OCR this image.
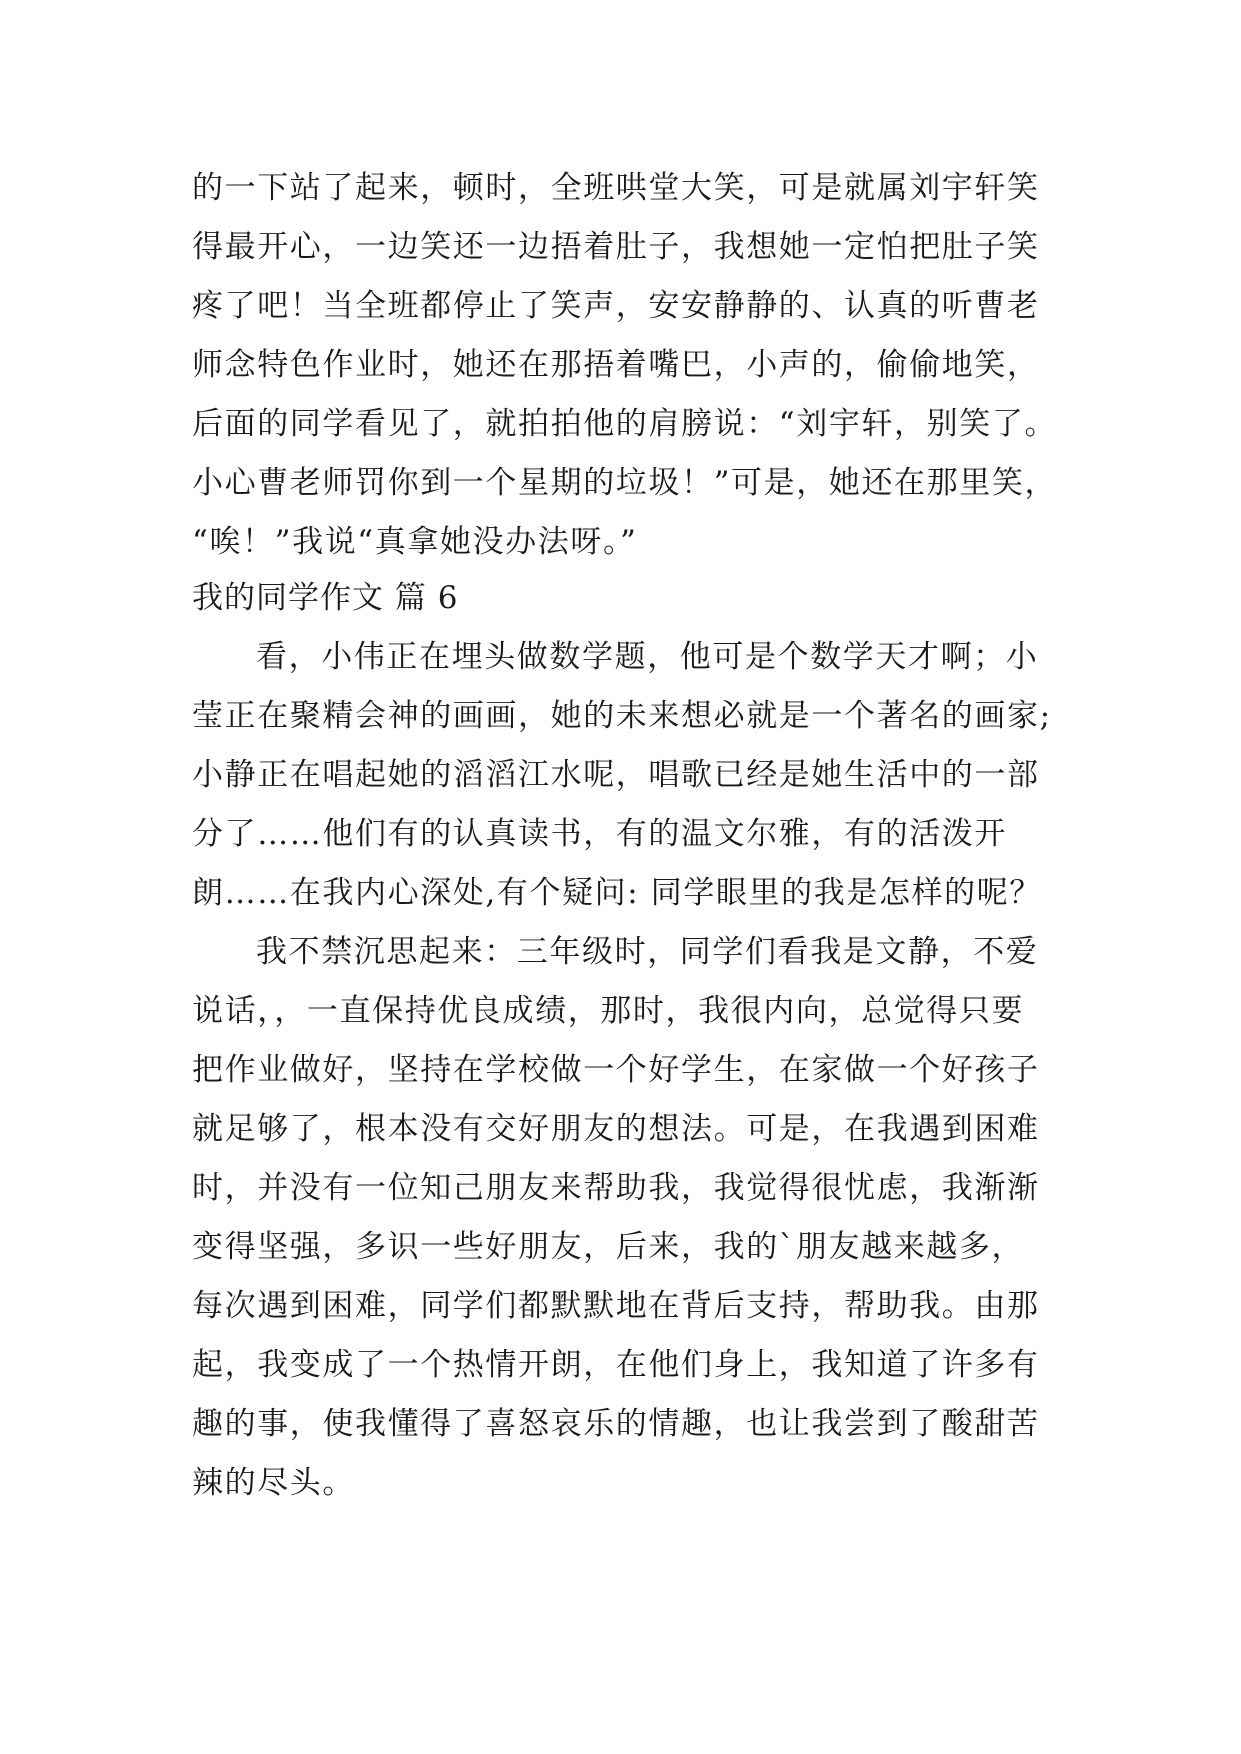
的一下站了起来，顿时，全班哄堂大笑，可是就属刘宇轩笑

得最开心，一边笑还一边捂着肚子，我想她一定怕把肚子笑

疼了吧！当全班都停止了笑声，安安静静的、认真的听曹老

师念特色作业时，她还在那捂着嘴巴，小声的，偷偷地笑，

后面的同学看见了，就拍拍他的肩膀说：“刘宇轩，别笑了。

小心曹老师罚你到一个星期的垃圾！”可是，她还在那里笑，

“唉！”我说“真拿她没办法呀。”

我的同学作文 篇 6

看，小伟正在埋头做数学题，他可是个数学天才啊；小

莹正在聚精会神的画画，她的未来想必就是一个著名的画家;

小静正在唱起她的滔滔江水呢，唱歌已经是她生活中的一部

分了……他们有的认真读书，有的温文尔雅，有的活泼开

朗……在我内心深处,有个疑问: 同学眼里的我是怎样的呢？

我不禁沉思起来：三年级时，同学们看我是文静，不爱

说话，，一直保持优良成绩，那时，我很内向，总觉得只要

把作业做好，坚持在学校做一个好学生，在家做一个好孩子

就足够了，根本没有交好朋友的想法。可是，在我遇到困难

时，并没有一位知己朋友来帮助我，我觉得很忧虑，我渐渐

变得坚强，多识一些好朋友，后来，我的`朋友越来越多，

每次遇到困难，同学们都默默地在背后支持，帮助我。由那

起，我变成了一个热情开朗，在他们身上，我知道了许多有

趣的事，使我懂得了喜怒哀乐的情趣，也让我尝到了酸甜苦

辣的尽头。
